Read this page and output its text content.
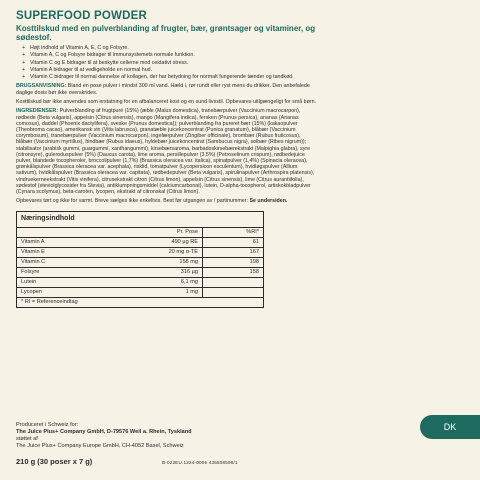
SUPERFOOD POWDER
Kosttilskud med en pulverblanding af frugter, bær, grøntsager og vitaminer, og sødestof.
+ Højt indhold af Vitamin A, E, C og Folsyre.
+ Vitamin A, C og Folsyre bidrager til immunsystemets normale funktion.
+ Vitamin C og E bidrager til at beskytte cellerne mod oxidativt stress.
+ Vitamin A bidrager til at vedligeholde en normal hud.
+ Vitamin C bidrager til normal dannelse af kollagen, der har betydning for normalt fungerende tænder og tandkød.

BRUGSANVISNING: Bland en pose pulver i mindst 300 ml vand. Hæld i, rør rundt eller ryst mens du drikker. Den anbefalede daglige dosis bør ikke overskrides.

Kosttilskud bør ikke anvendes som erstatning for en afbalanceret kost og en sund livsstil. Opbevares utilgængeligt for små børn.

INGREDIENSER: Pulverblanding af frugtpuré (15%) (æble (Malus domestica), tranebærpulver (Vaccinium macrocarpon), rødbede (Beta vulgaris), appelsin (Citrus sinensis), mango (Mangifera indica), fersken (Prunus persica), ananas (Ananas comosus), daddel (Phoenix dactylifera), sveske (Prunus domestica)); pulverblanding fra pureret bær (15%) (kakaopulver (Theobroma cacao), amerikansk vin (Vitis labrusca), granatæble juicekoncentrat (Punica granatum), blåbær (Vaccinium corymbosum), tranebærpulver (Vaccinium macrocarpon), ingefærpulver (Zingiber officinale), brombær (Rubus fruticosus), blåbær (Vaccinium myrtillus), hindbær (Rubus idaeus), hyldebær juicekoncentrat (Sambucus nigra), solbær (Ribes nigrum)); stabilisator (arabisk gummi, guargummi, xanthangummi), kirsebærsaroma, barbadoskirsebærekstrakt (Malpighia glabra), syre (citronsyre), guleroduspulver (5%) (Daucus carota), lime aroma, persillepulver (3,5%) (Petroselinum crispum), rødbedejuice pulver, blandede tocopheroler, broccolipulver (1,7%) (Brassica oleracea var. italica), spinatpulver (1,4%) (Spinacia oleracea), grønkålspulver (Brassica oleracea var. acephala), risklid, tomatpulver (Lycopersicon esculentum), hvidløgspulver (Allium sativum), hvidkålspulver (Brassica oleracea var. capitata), rødbedepulver (Beta vulgaris), spirulinapulver (Arthrospira platensis), vindruekerneekstrakt (Vitis vinifera), citrusekstrakt citron (Citrus limon), appelsin (Citrus sinensis), lime (Citrus aurantiifolia), sødestof (steviolglycosider fra Stevia), antiklumpningsmiddel (calciumcarbonat), lutein, D-alpha-tocopherol, artiskokbladpulver (Cynara scolymus), beta-caroten, lycopen, ekstrakt af citronskal (Citrus limon).

Opbevares tørt og ikke for varmt. Breve sælges ikke enkeltvis. Best før utgangen av / partinummer: Se undersiden.

Næringsindhold
Pr. Pose	%RI*
Vitamin A	490 µg RE	61
Vitamin E	20 mg α-TE	167
Vitamin C	158 mg	198
Folsyre	316 µg	158
Lutein	6,1 mg
Lycopen	1 mg
* RI = Referenceindtag
Produceret i Schweiz for:
The Juice Plus+ Company GmbH, D-79576 Weil a. Rhein, Tyskland
støttet af
The Juice Plus+ Company Europe GmbH, CH-4052 Basel, Schweiz
210 g (30 poser x 7 g)	B-023EU.1224-0005 436808598/1
DK
